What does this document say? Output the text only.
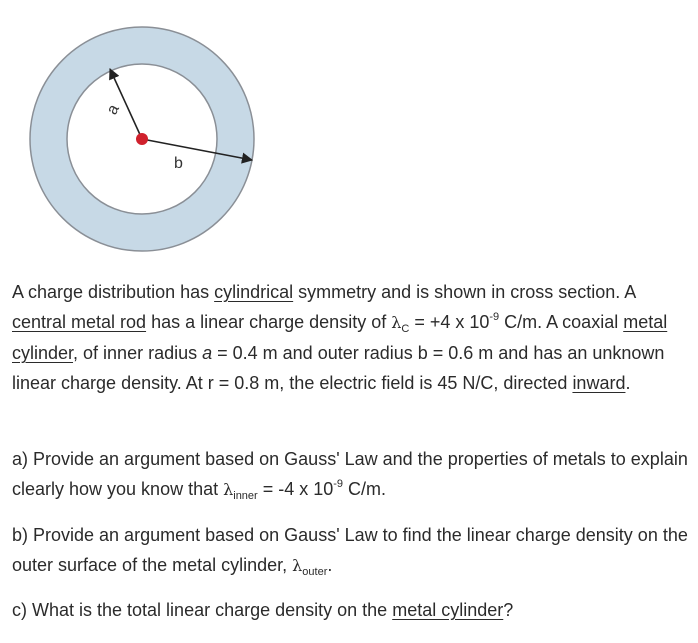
a
b
A charge distribution has cylindrical symmetry and is shown in cross section. A central metal rod has a linear charge density of $\lambda_C = +4$ x $10^{-9}$ C/m. A coaxial metal cylinder, of inner radius a = 0.4 m and outer radius b = 0.6 m and has an unknown linear charge density. At r = 0.8 m, the electric field is 45 N/C, directed inward.
a) Provide an argument based on Gauss' Law and the properties of metals to explain clearly how you know that $\lambda_{inner} = -4$ x $10^{-9}$ C/m.
b) Provide an argument based on Gauss' Law to find the linear charge density on the outer surface of the metal cylinder, $\lambda_{outer}$.
c) What is the total linear charge density on the metal cylinder?
